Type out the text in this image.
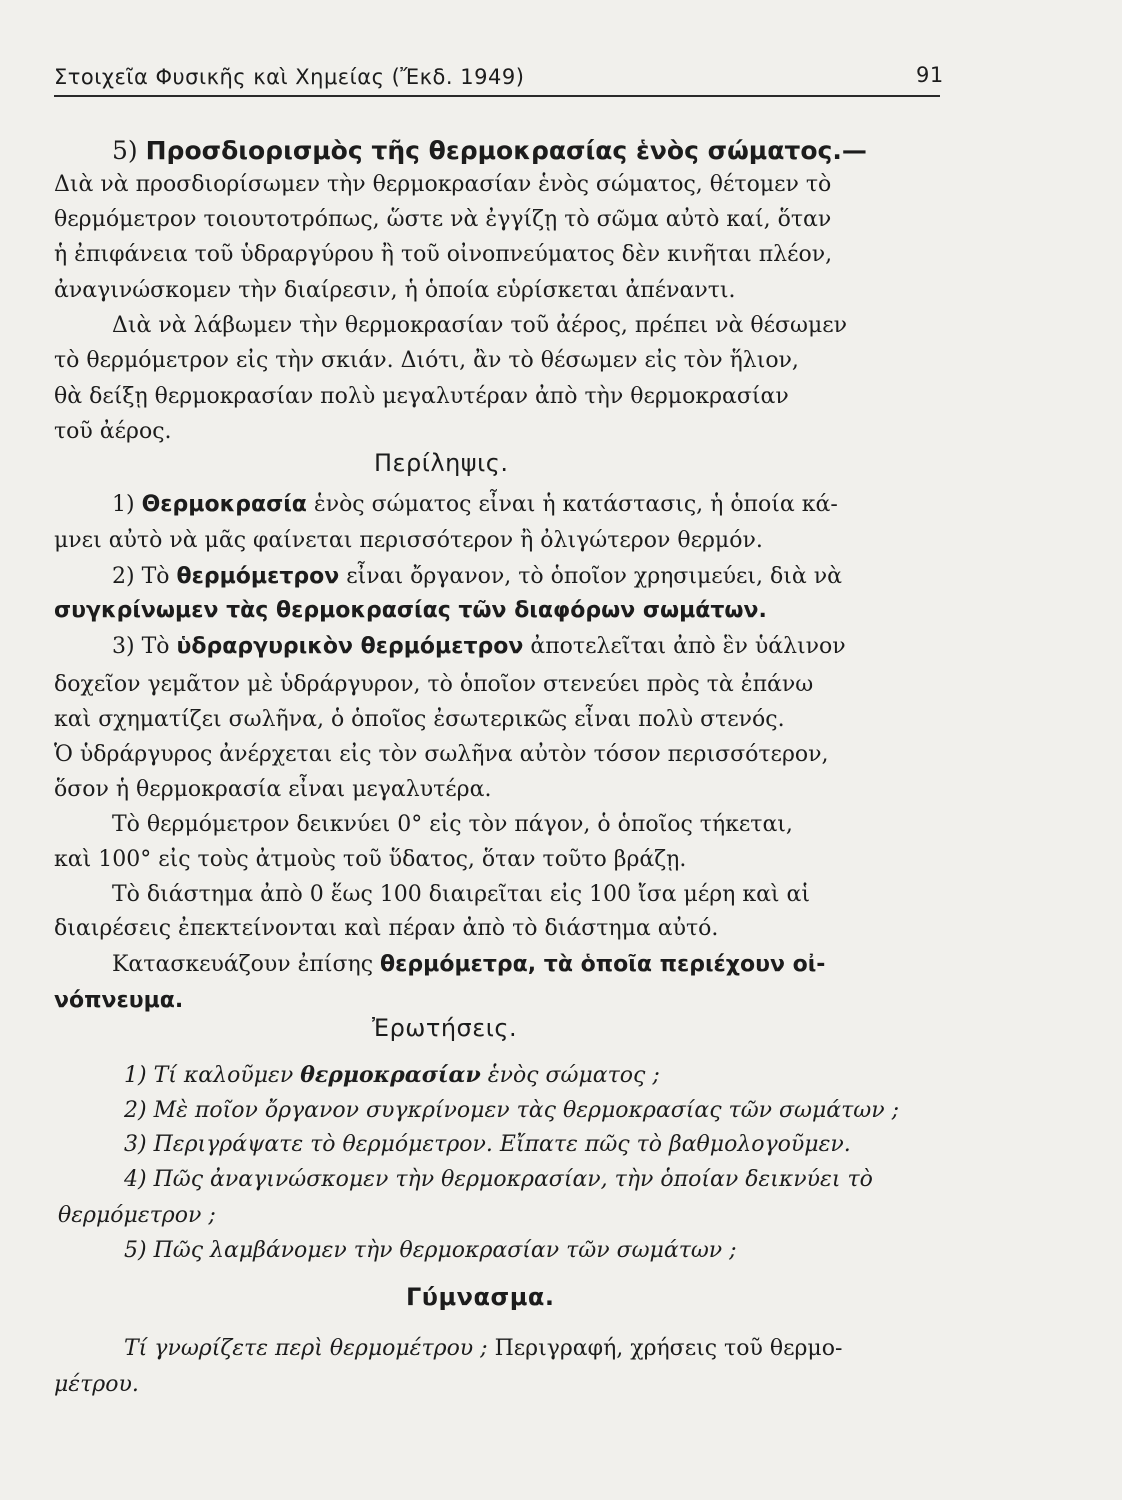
Στοιχεῖα Φυσικῆς καὶ Χημείας (Ἔκδ. 1949)	91
5) Προσδιορισμὸς τῆς θερμοκρασίας ἑνὸς σώματος.—
Διὰ νὰ προσδιορίσωμεν τὴν θερμοκρασίαν ἑνὸς σώματος, θέτομεν τὸ
θερμόμετρον τοιουτοτρόπως, ὥστε νὰ ἐγγίζῃ τὸ σῶμα αὐτὸ καί, ὅταν
ἡ ἐπιφάνεια τοῦ ὑδραργύρου ἢ τοῦ οἰνοπνεύματος δὲν κινῆται πλέον,
ἀναγινώσκομεν τὴν διαίρεσιν, ἡ ὁποία εὑρίσκεται ἀπέναντι.
Διὰ νὰ λάβωμεν τὴν θερμοκρασίαν τοῦ ἀέρος, πρέπει νὰ θέσωμεν
τὸ θερμόμετρον εἰς τὴν σκιάν. Διότι, ἂν τὸ θέσωμεν εἰς τὸν ἥλιον,
θὰ δείξῃ θερμοκρασίαν πολὺ μεγαλυτέραν ἀπὸ τὴν θερμοκρασίαν
τοῦ ἀέρος.
Περίληψις.
1) Θερμοκρασία ἑνὸς σώματος εἶναι ἡ κατάστασις, ἡ ὁποία κά-
μνει αὐτὸ νὰ μᾶς φαίνεται περισσότερον ἢ ὀλιγώτερον θερμόν.
2) Τὸ θερμόμετρον εἶναι ὄργανον, τὸ ὁποῖον χρησιμεύει, διὰ νὰ
συγκρίνωμεν τὰς θερμοκρασίας τῶν διαφόρων σωμάτων.
3) Τὸ ὑδραργυρικὸν θερμόμετρον ἀποτελεῖται ἀπὸ ἓν ὑάλινον
δοχεῖον γεμᾶτον μὲ ὑδράργυρον, τὸ ὁποῖον στενεύει πρὸς τὰ ἐπάνω
καὶ σχηματίζει σωλῆνα, ὁ ὁποῖος ἐσωτερικῶς εἶναι πολὺ στενός.
Ὁ ὑδράργυρος ἀνέρχεται εἰς τὸν σωλῆνα αὐτὸν τόσον περισσότερον,
ὅσον ἡ θερμοκρασία εἶναι μεγαλυτέρα.
Τὸ θερμόμετρον δεικνύει 0° εἰς τὸν πάγον, ὁ ὁποῖος τήκεται,
καὶ 100° εἰς τοὺς ἀτμοὺς τοῦ ὕδατος, ὅταν τοῦτο βράζῃ.
Τὸ διάστημα ἀπὸ 0 ἕως 100 διαιρεῖται εἰς 100 ἴσα μέρη καὶ αἱ
διαιρέσεις ἐπεκτείνονται καὶ πέραν ἀπὸ τὸ διάστημα αὐτό.
Κατασκευάζουν ἐπίσης θερμόμετρα, τὰ ὁποῖα περιέχουν οἰ-
νόπνευμα.
Ἐρωτήσεις.
1) Τί καλοῦμεν θερμοκρασίαν ἑνὸς σώματος ;
2) Μὲ ποῖον ὄργανον συγκρίνομεν τὰς θερμοκρασίας τῶν σωμάτων ;
3) Περιγράψατε τὸ θερμόμετρον. Εἴπατε πῶς τὸ βαθμολογοῦμεν.
4) Πῶς ἀναγινώσκομεν τὴν θερμοκρασίαν, τὴν ὁποίαν δεικνύει τὸ
θερμόμετρον ;
5) Πῶς λαμβάνομεν τὴν θερμοκρασίαν τῶν σωμάτων ;
Γύμνασμα.
Τί γνωρίζετε περὶ θερμομέτρου ; Περιγραφή, χρήσεις τοῦ θερμο-
μέτρου.
